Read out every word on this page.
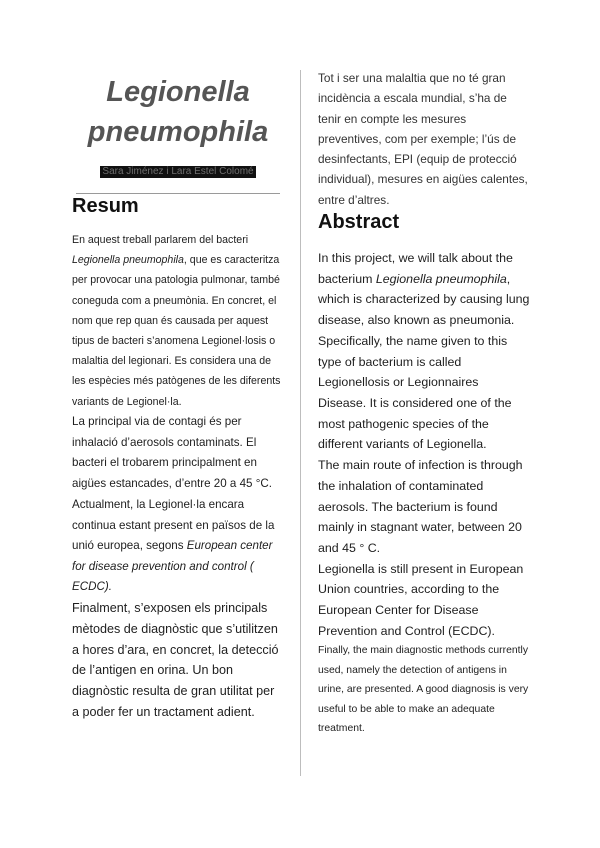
Legionella
pneumophila
Sara Jiménez i Lara Estel Colomé
Resum

En aquest treball parlarem del bacteri Legionella pneumophila, que es caracteritza per provocar una patologia pulmonar, també coneguda com a pneumònia. En concret, el nom que rep quan és causada per aquest tipus de bacteri s’anomena Legionel·losis o malaltia del legionari. Es considera una de les espècies més patògenes de les diferents variants de Legionel·la.

La principal via de contagi és per inhalació d’aerosols contaminats. El bacteri el trobarem principalment en aigües estancades, d’entre 20 a 45 °C.

Actualment, la Legionel·la encara continua estant present en països de la unió europea, segons European center for disease prevention and control ( ECDC).

Finalment, s’exposen els principals mètodes de diagnòstic que s’utilitzen a hores d’ara, en concret, la detecció de l’antigen en orina. Un bon diagnòstic resulta de gran utilitat per a poder fer un tractament adient.

Tot i ser una malaltia que no té gran incidència a escala mundial, s’ha de tenir en compte les mesures preventives, com per exemple; l’ús de desinfectants, EPI (equip de protecció individual), mesures en aigües calentes, entre d’altres.

Abstract

In this project, we will talk about the bacterium Legionella pneumophila, which is characterized by causing lung disease, also known as pneumonia. Specifically, the name given to this type of bacterium is called Legionellosis or Legionnaires Disease. It is considered one of the most pathogenic species of the different variants of Legionella.

The main route of infection is through the inhalation of contaminated aerosols. The bacterium is found mainly in stagnant water, between 20 and 45 ° C.

Legionella is still present in European Union countries, according to the European Center for Disease Prevention and Control (ECDC).

Finally, the main diagnostic methods currently used, namely the detection of antigens in urine, are presented. A good diagnosis is very useful to be able to make an adequate treatment.
